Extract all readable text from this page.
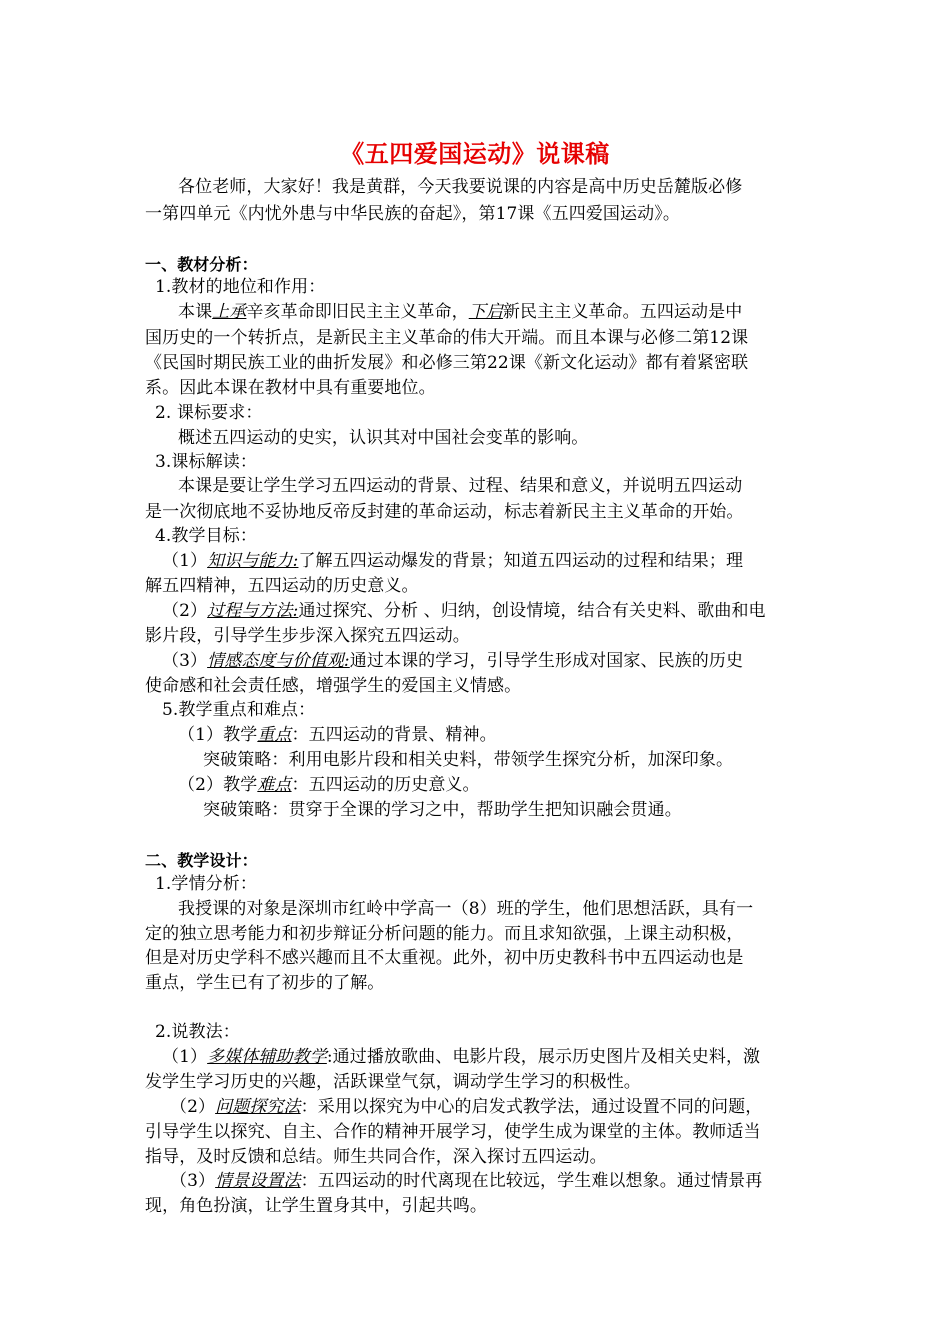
《五四爱国运动》说课稿
各位老师，大家好！我是黄群，今天我要说课的内容是高中历史岳麓版必修
一第四单元《内忧外患与中华民族的奋起》，第17课《五四爱国运动》。
一、教材分析：
1.教材的地位和作用：
本课上承辛亥革命即旧民主主义革命，下启新民主主义革命。五四运动是中
国历史的一个转折点，是新民主主义革命的伟大开端。而且本课与必修二第12课
《民国时期民族工业的曲折发展》和必修三第22课《新文化运动》都有着紧密联
系。因此本课在教材中具有重要地位。
2. 课标要求：
概述五四运动的史实，认识其对中国社会变革的影响。
3.课标解读：
本课是要让学生学习五四运动的背景、过程、结果和意义，并说明五四运动
是一次彻底地不妥协地反帝反封建的革命运动，标志着新民主主义革命的开始。
4.教学目标：
（1）知识与能力:了解五四运动爆发的背景；知道五四运动的过程和结果；理
解五四精神，五四运动的历史意义。
（2）过程与方法:通过探究、分析 、归纳，创设情境，结合有关史料、歌曲和电
影片段，引导学生步步深入探究五四运动。
（3）情感态度与价值观:通过本课的学习，引导学生形成对国家、民族的历史
使命感和社会责任感，增强学生的爱国主义情感。
5.教学重点和难点：
（1）教学重点：五四运动的背景、精神。
突破策略：利用电影片段和相关史料，带领学生探究分析，加深印象。
（2）教学难点：五四运动的历史意义。
突破策略：贯穿于全课的学习之中，帮助学生把知识融会贯通。
二、教学设计：
1.学情分析：
我授课的对象是深圳市红岭中学高一（8）班的学生，他们思想活跃，具有一
定的独立思考能力和初步辩证分析问题的能力。而且求知欲强，上课主动积极，
但是对历史学科不感兴趣而且不太重视。此外，初中历史教科书中五四运动也是
重点，学生已有了初步的了解。
2.说教法：
（1）多媒体辅助教学:通过播放歌曲、电影片段，展示历史图片及相关史料，激
发学生学习历史的兴趣，活跃课堂气氛，调动学生学习的积极性。
（2）问题探究法：采用以探究为中心的启发式教学法，通过设置不同的问题，
引导学生以探究、自主、合作的精神开展学习，使学生成为课堂的主体。教师适当
指导，及时反馈和总结。师生共同合作，深入探讨五四运动。
（3）情景设置法：五四运动的时代离现在比较远，学生难以想象。通过情景再
现，角色扮演，让学生置身其中，引起共鸣。
